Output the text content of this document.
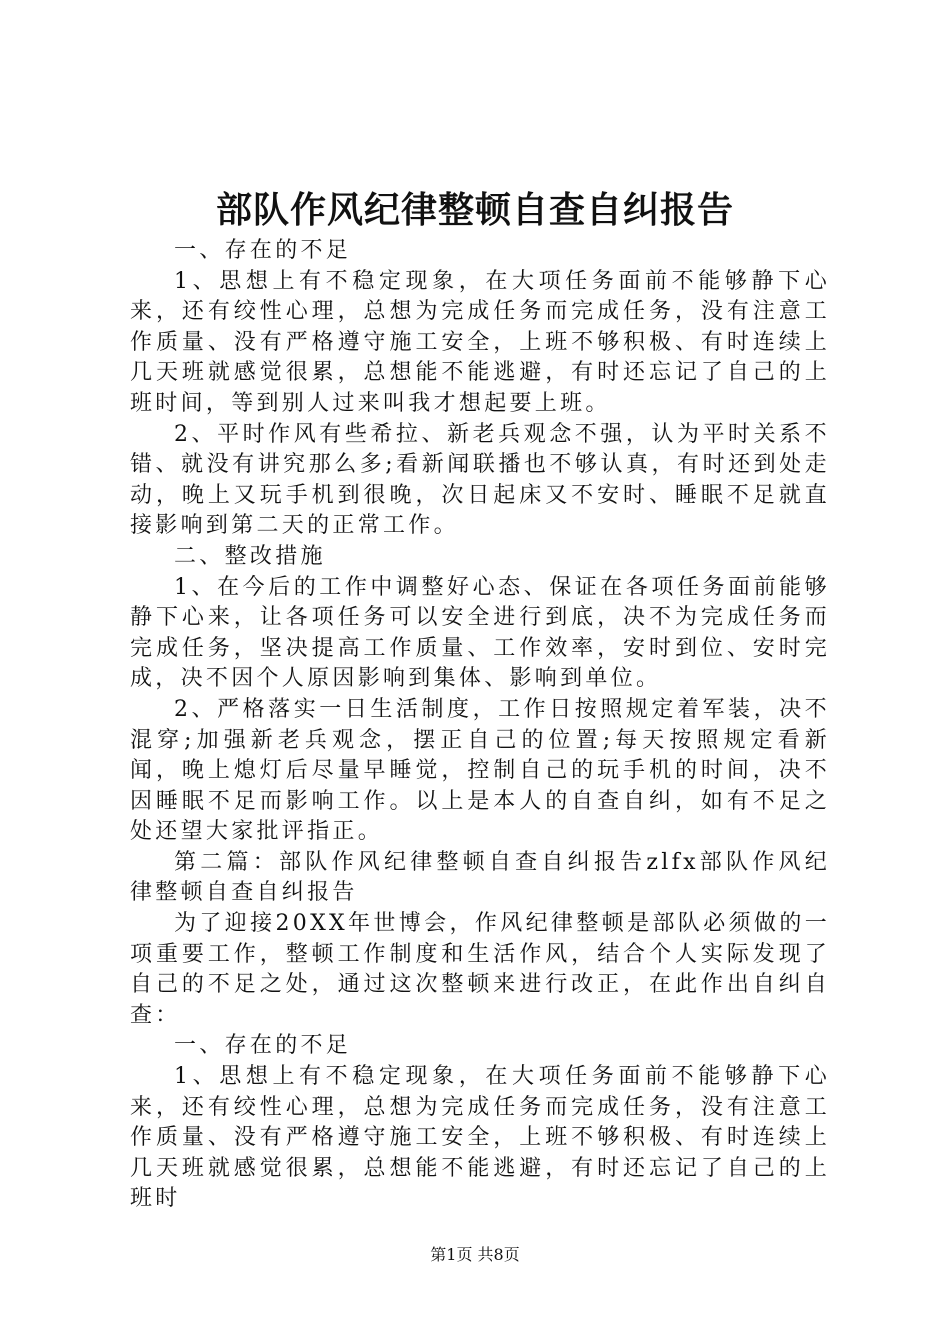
部队作风纪律整顿自查自纠报告

一、存在的不足

1、思想上有不稳定现象，在大项任务面前不能够静下心来，还有绞性心理，总想为完成任务而完成任务，没有注意工作质量、没有严格遵守施工安全，上班不够积极、有时连续上几天班就感觉很累，总想能不能逃避，有时还忘记了自己的上班时间，等到别人过来叫我才想起要上班。

2、平时作风有些希拉、新老兵观念不强，认为平时关系不错、就没有讲究那么多;看新闻联播也不够认真，有时还到处走动，晚上又玩手机到很晚，次日起床又不安时、睡眠不足就直接影响到第二天的正常工作。

二、整改措施

1、在今后的工作中调整好心态、保证在各项任务面前能够静下心来，让各项任务可以安全进行到底，决不为完成任务而完成任务，坚决提高工作质量、工作效率，安时到位、安时完成，决不因个人原因影响到集体、影响到单位。

2、严格落实一日生活制度，工作日按照规定着军装，决不混穿;加强新老兵观念，摆正自己的位置;每天按照规定看新闻，晚上熄灯后尽量早睡觉，控制自己的玩手机的时间，决不因睡眠不足而影响工作。以上是本人的自查自纠，如有不足之处还望大家批评指正。

第二篇：部队作风纪律整顿自查自纠报告zlfx部队作风纪律整顿自查自纠报告

为了迎接20XX年世博会，作风纪律整顿是部队必须做的一项重要工作，整顿工作制度和生活作风，结合个人实际发现了自己的不足之处，通过这次整顿来进行改正，在此作出自纠自查：

一、存在的不足

1、思想上有不稳定现象，在大项任务面前不能够静下心来，还有绞性心理，总想为完成任务而完成任务，没有注意工作质量、没有严格遵守施工安全，上班不够积极、有时连续上几天班就感觉很累，总想能不能逃避，有时还忘记了自己的上班时

第1页 共8页
